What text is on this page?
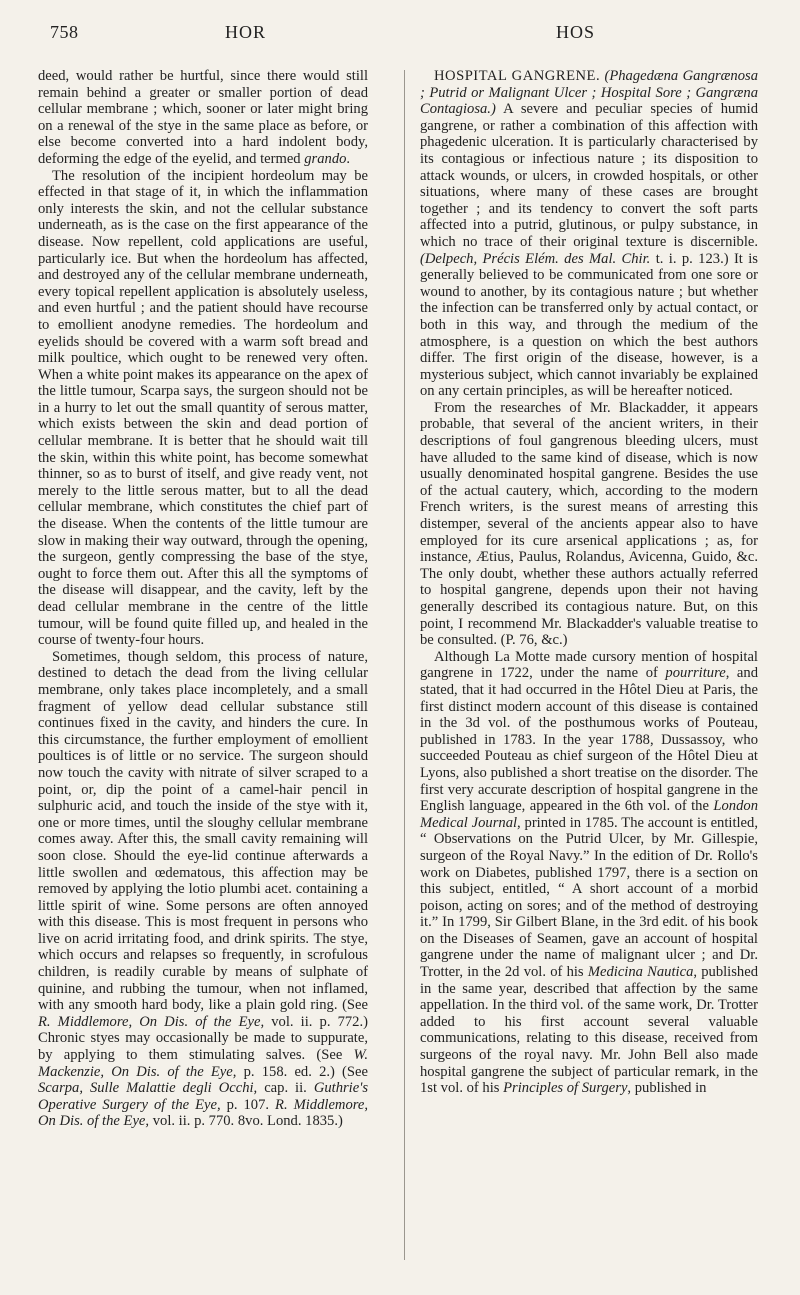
758	HOR	HOS

deed, would rather be hurtful, since there would still remain behind a greater or smaller portion of dead cellular membrane ; which, sooner or later might bring on a renewal of the stye in the same place as before, or else become converted into a hard indolent body, deforming the edge of the eyelid, and termed grando.

The resolution of the incipient hordeolum may be effected in that stage of it, in which the inflammation only interests the skin, and not the cellular substance underneath, as is the case on the first appearance of the disease. Now repellent, cold applications are useful, particularly ice. But when the hordeolum has affected, and destroyed any of the cellular membrane underneath, every topical repellent application is absolutely useless, and even hurtful ; and the patient should have recourse to emollient anodyne remedies. The hordeolum and eyelids should be covered with a warm soft bread and milk poultice, which ought to be renewed very often. When a white point makes its appearance on the apex of the little tumour, Scarpa says, the surgeon should not be in a hurry to let out the small quantity of serous matter, which exists between the skin and dead portion of cellular membrane. It is better that he should wait till the skin, within this white point, has become somewhat thinner, so as to burst of itself, and give ready vent, not merely to the little serous matter, but to all the dead cellular membrane, which constitutes the chief part of the disease. When the contents of the little tumour are slow in making their way outward, through the opening, the surgeon, gently compressing the base of the stye, ought to force them out. After this all the symptoms of the disease will disappear, and the cavity, left by the dead cellular membrane in the centre of the little tumour, will be found quite filled up, and healed in the course of twenty-four hours.

Sometimes, though seldom, this process of nature, destined to detach the dead from the living cellular membrane, only takes place incompletely, and a small fragment of yellow dead cellular substance still continues fixed in the cavity, and hinders the cure. In this circumstance, the further employment of emollient poultices is of little or no service. The surgeon should now touch the cavity with nitrate of silver scraped to a point, or, dip the point of a camel-hair pencil in sulphuric acid, and touch the inside of the stye with it, one or more times, until the sloughy cellular membrane comes away. After this, the small cavity remaining will soon close. Should the eye-lid continue afterwards a little swollen and œdematous, this affection may be removed by applying the lotio plumbi acet. containing a little spirit of wine. Some persons are often annoyed with this disease. This is most frequent in persons who live on acrid irritating food, and drink spirits. The stye, which occurs and relapses so frequently, in scrofulous children, is readily curable by means of sulphate of quinine, and rubbing the tumour, when not inflamed, with any smooth hard body, like a plain gold ring. (See R. Middlemore, On Dis. of the Eye, vol. ii. p. 772.) Chronic styes may occasionally be made to suppurate, by applying to them stimulating salves. (See W. Mackenzie, On Dis. of the Eye, p. 158. ed. 2.) (See Scarpa, Sulle Malattie degli Occhi, cap. ii. Guthrie's Operative Surgery of the Eye, p. 107. R. Middlemore, On Dis. of the Eye, vol. ii. p. 770. 8vo. Lond. 1835.)

HOSPITAL GANGRENE. (Phagedæna Gangrænosa ; Putrid or Malignant Ulcer ; Hospital Sore ; Gangræna Contagiosa.) A severe and peculiar species of humid gangrene, or rather a combination of this affection with phagedenic ulceration. It is particularly characterised by its contagious or infectious nature ; its disposition to attack wounds, or ulcers, in crowded hospitals, or other situations, where many of these cases are brought together ; and its tendency to convert the soft parts affected into a putrid, glutinous, or pulpy substance, in which no trace of their original texture is discernible. (Delpech, Précis Elém. des Mal. Chir. t. i. p. 123.) It is generally believed to be communicated from one sore or wound to another, by its contagious nature ; but whether the infection can be transferred only by actual contact, or both in this way, and through the medium of the atmosphere, is a question on which the best authors differ. The first origin of the disease, however, is a mysterious subject, which cannot invariably be explained on any certain principles, as will be hereafter noticed.

From the researches of Mr. Blackadder, it appears probable, that several of the ancient writers, in their descriptions of foul gangrenous bleeding ulcers, must have alluded to the same kind of disease, which is now usually denominated hospital gangrene. Besides the use of the actual cautery, which, according to the modern French writers, is the surest means of arresting this distemper, several of the ancients appear also to have employed for its cure arsenical applications ; as, for instance, Ætius, Paulus, Rolandus, Avicenna, Guido, &c. The only doubt, whether these authors actually referred to hospital gangrene, depends upon their not having generally described its contagious nature. But, on this point, I recommend Mr. Blackadder's valuable treatise to be consulted. (P. 76, &c.)

Although La Motte made cursory mention of hospital gangrene in 1722, under the name of pourriture, and stated, that it had occurred in the Hôtel Dieu at Paris, the first distinct modern account of this disease is contained in the 3d vol. of the posthumous works of Pouteau, published in 1783. In the year 1788, Dussassoy, who succeeded Pouteau as chief surgeon of the Hôtel Dieu at Lyons, also published a short treatise on the disorder. The first very accurate description of hospital gangrene in the English language, appeared in the 6th vol. of the London Medical Journal, printed in 1785. The account is entitled, “ Observations on the Putrid Ulcer, by Mr. Gillespie, surgeon of the Royal Navy.” In the edition of Dr. Rollo's work on Diabetes, published 1797, there is a section on this subject, entitled, “ A short account of a morbid poison, acting on sores; and of the method of destroying it.” In 1799, Sir Gilbert Blane, in the 3rd edit. of his book on the Diseases of Seamen, gave an account of hospital gangrene under the name of malignant ulcer ; and Dr. Trotter, in the 2d vol. of his Medicina Nautica, published in the same year, described that affection by the same appellation. In the third vol. of the same work, Dr. Trotter added to his first account several valuable communications, relating to this disease, received from surgeons of the royal navy. Mr. John Bell also made hospital gangrene the subject of particular remark, in the 1st vol. of his Principles of Surgery, published in
